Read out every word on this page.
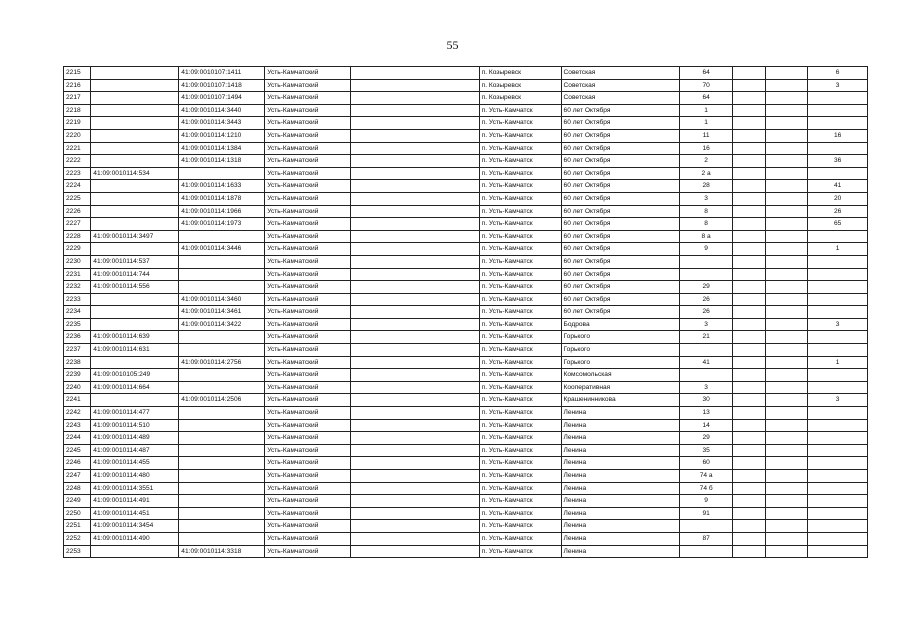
55
2215		41:09:0010107:1411	Усть-Камчатский		п. Козыревск	Советская	64			6
2216		41:09:0010107:1418	Усть-Камчатский		п. Козыревск	Советская	70			3
2217		41:09:0010107:1494	Усть-Камчатский		п. Козыревск	Советская	64			
2218		41:09:0010114:3440	Усть-Камчатский		п. Усть-Камчатск	60 лет Октября	1			
2219		41:09:0010114:3443	Усть-Камчатский		п. Усть-Камчатск	60 лет Октября	1			
2220		41:09:0010114:1210	Усть-Камчатский		п. Усть-Камчатск	60 лет Октября	11			16
2221		41:09:0010114:1384	Усть-Камчатский		п. Усть-Камчатск	60 лет Октября	16			
2222		41:09:0010114:1318	Усть-Камчатский		п. Усть-Камчатск	60 лет Октября	2			36
2223	41:09:0010114:534		Усть-Камчатский		п. Усть-Камчатск	60 лет Октября	2 а			
2224		41:09:0010114:1633	Усть-Камчатский		п. Усть-Камчатск	60 лет Октября	28			41
2225		41:09:0010114:1878	Усть-Камчатский		п. Усть-Камчатск	60 лет Октября	3			20
2226		41:09:0010114:1966	Усть-Камчатский		п. Усть-Камчатск	60 лет Октября	8			26
2227		41:09:0010114:1973	Усть-Камчатский		п. Усть-Камчатск	60 лет Октября	8			65
2228	41:09:0010114:3497		Усть-Камчатский		п. Усть-Камчатск	60 лет Октября	8 а			
2229		41:09:0010114:3446	Усть-Камчатский		п. Усть-Камчатск	60 лет Октября	9			1
2230	41:09:0010114:537		Усть-Камчатский		п. Усть-Камчатск	60 лет Октября				
2231	41:09:0010114:744		Усть-Камчатский		п. Усть-Камчатск	60 лет Октября				
2232	41:09:0010114:556		Усть-Камчатский		п. Усть-Камчатск	60 лет Октября	29			
2233		41:09:0010114:3460	Усть-Камчатский		п. Усть-Камчатск	60 лет Октября	26			
2234		41:09:0010114:3461	Усть-Камчатский		п. Усть-Камчатск	60 лет Октября	26			
2235		41:09:0010114:3422	Усть-Камчатский		п. Усть-Камчатск	Бодрова	3			3
2236	41:09:0010114:639		Усть-Камчатский		п. Усть-Камчатск	Горького	21			
2237	41:09:0010114:631		Усть-Камчатский		п. Усть-Камчатск	Горького				
2238		41:09:0010114:2756	Усть-Камчатский		п. Усть-Камчатск	Горького	41			1
2239	41:09:0010105:249		Усть-Камчатский		п. Усть-Камчатск	Комсомольская				
2240	41:09:0010114:664		Усть-Камчатский		п. Усть-Камчатск	Кооперативная	3			
2241		41:09:0010114:2506	Усть-Камчатский		п. Усть-Камчатск	Крашенинникова	30			3
2242	41:09:0010114:477		Усть-Камчатский		п. Усть-Камчатск	Ленина	13			
2243	41:09:0010114:510		Усть-Камчатский		п. Усть-Камчатск	Ленина	14			
2244	41:09:0010114:489		Усть-Камчатский		п. Усть-Камчатск	Ленина	29			
2245	41:09:0010114:487		Усть-Камчатский		п. Усть-Камчатск	Ленина	35			
2246	41:09:0010114:455		Усть-Камчатский		п. Усть-Камчатск	Ленина	60			
2247	41:09:0010114:480		Усть-Камчатский		п. Усть-Камчатск	Ленина	74 а			
2248	41:09:0010114:3551		Усть-Камчатский		п. Усть-Камчатск	Ленина	74 б			
2249	41:09:0010114:491		Усть-Камчатский		п. Усть-Камчатск	Ленина	9			
2250	41:09:0010114:451		Усть-Камчатский		п. Усть-Камчатск	Ленина	91			
2251	41:09:0010114:3454		Усть-Камчатский		п. Усть-Камчатск	Ленина				
2252	41:09:0010114:490		Усть-Камчатский		п. Усть-Камчатск	Ленина	87			
2253		41:09:0010114:3318	Усть-Камчатский		п. Усть-Камчатск	Ленина				
